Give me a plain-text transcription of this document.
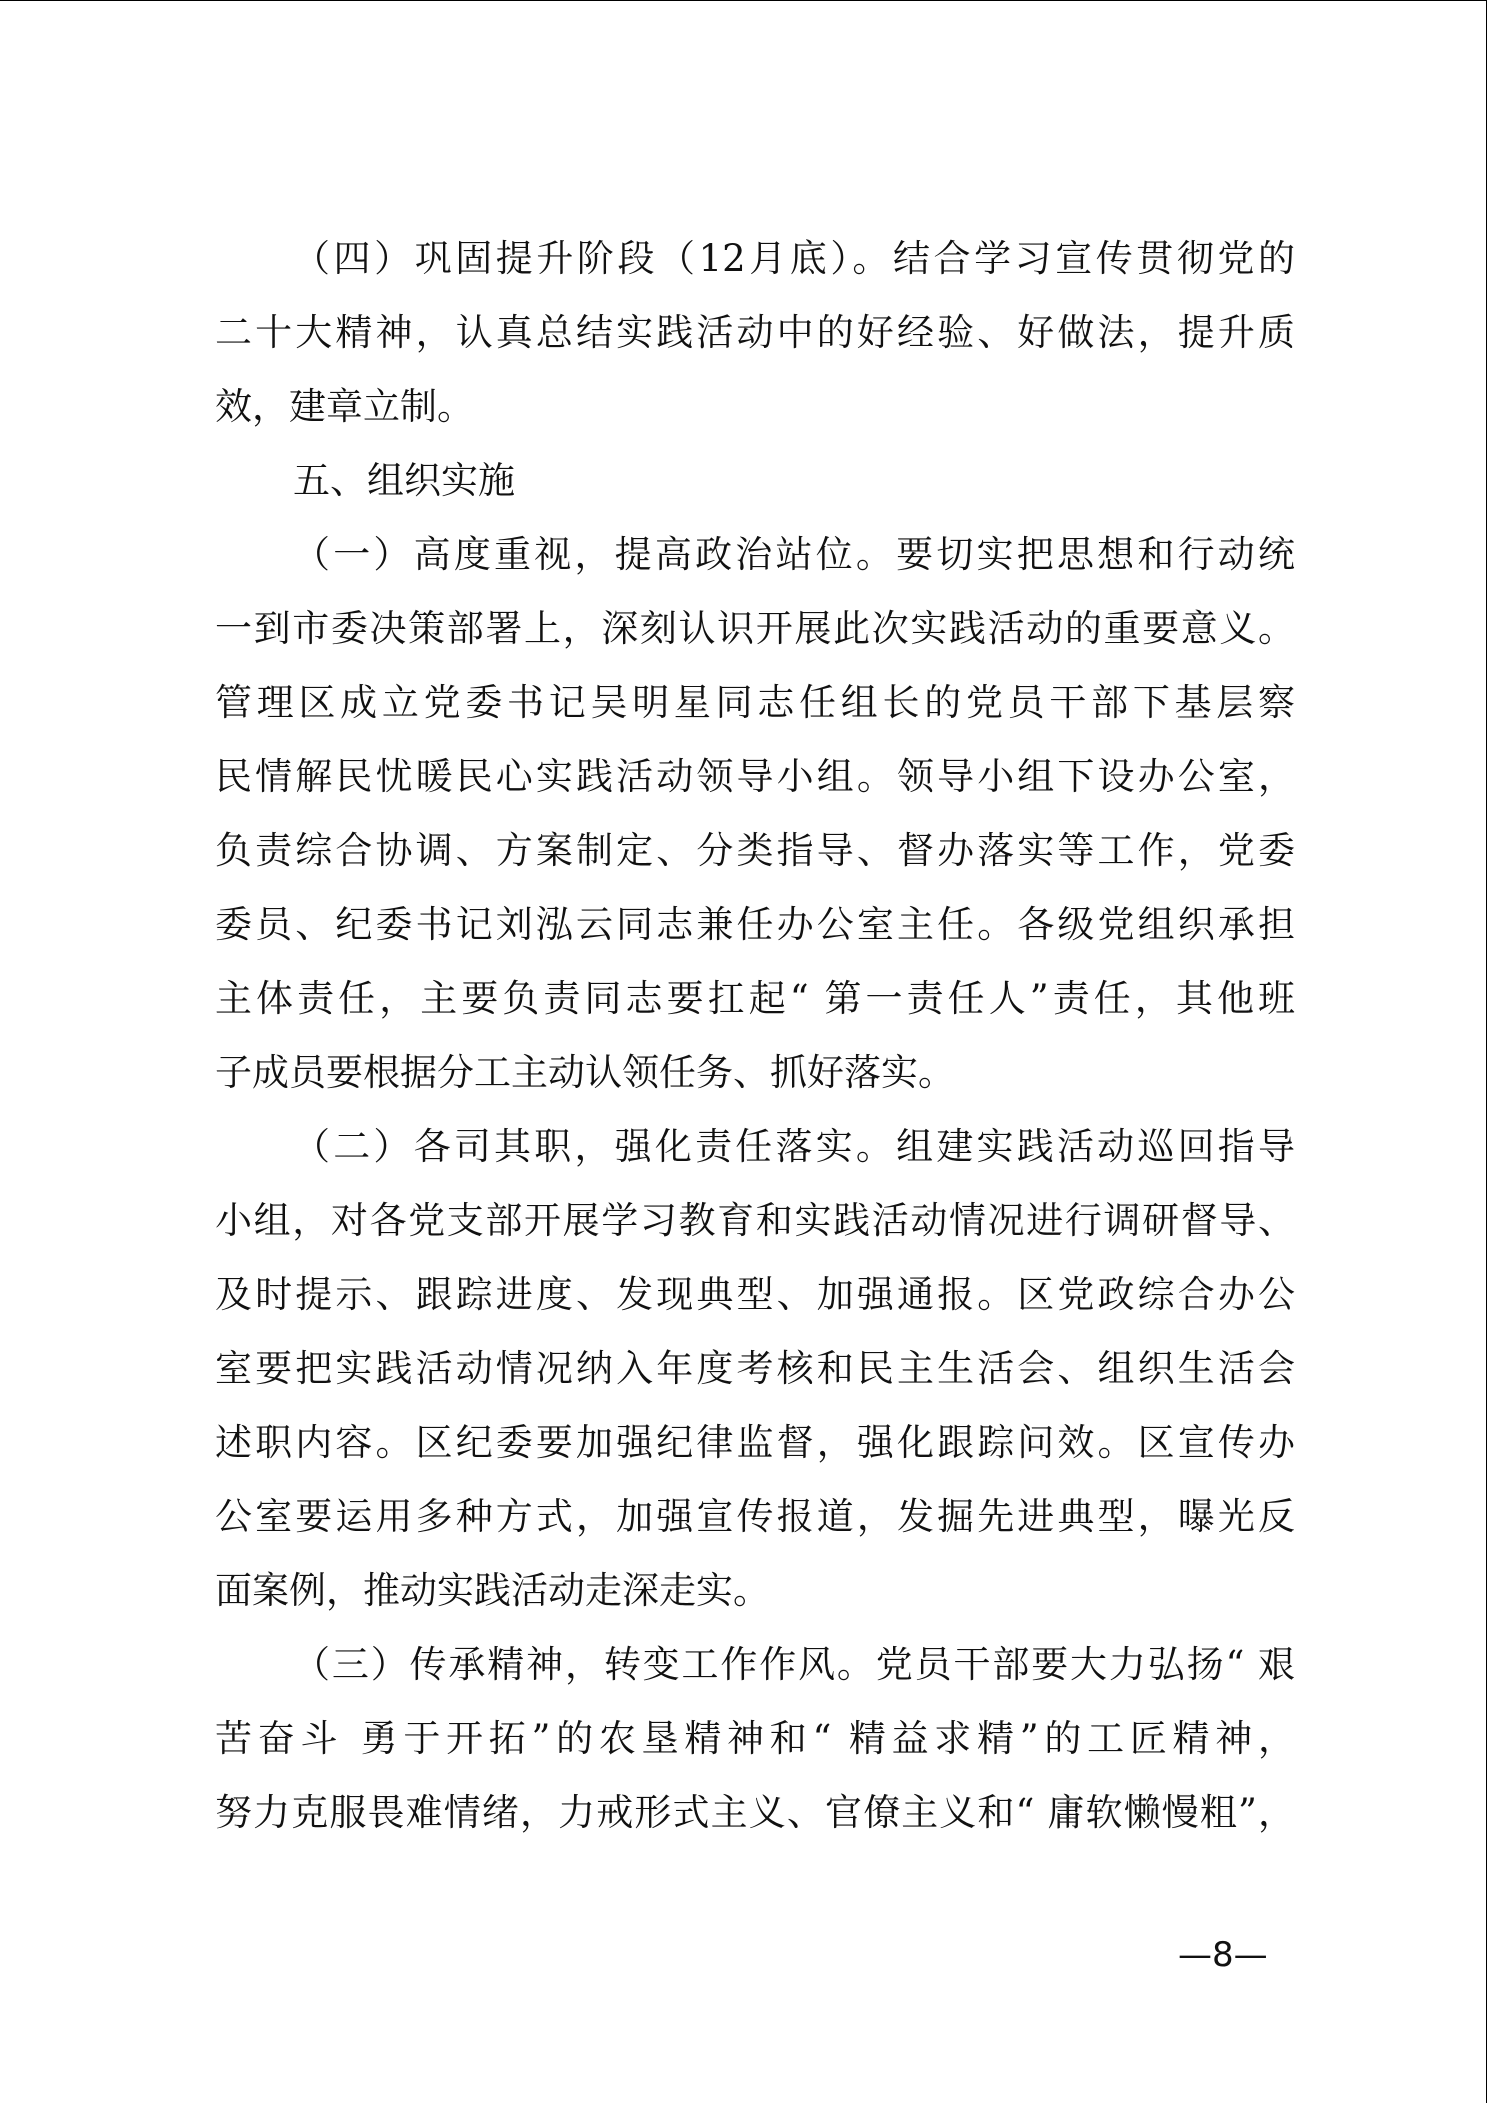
（四）巩固提升阶段（12月底）。结合学习宣传贯彻党的
二十大精神，认真总结实践活动中的好经验、好做法，提升质
效，建章立制。
五、组织实施
（一）高度重视，提高政治站位。要切实把思想和行动统
一到市委决策部署上，深刻认识开展此次实践活动的重要意义。
管理区成立党委书记吴明星同志任组长的党员干部下基层察
民情解民忧暖民心实践活动领导小组。领导小组下设办公室，
负责综合协调、方案制定、分类指导、督办落实等工作，党委
委员、纪委书记刘泓云同志兼任办公室主任。各级党组织承担
主体责任，主要负责同志要扛起“ 第一责任人”责任，其他班
子成员要根据分工主动认领任务、抓好落实。
（二）各司其职，强化责任落实。组建实践活动巡回指导
小组，对各党支部开展学习教育和实践活动情况进行调研督导、
及时提示、跟踪进度、发现典型、加强通报。区党政综合办公
室要把实践活动情况纳入年度考核和民主生活会、组织生活会
述职内容。区纪委要加强纪律监督，强化跟踪问效。区宣传办
公室要运用多种方式，加强宣传报道，发掘先进典型，曝光反
面案例，推动实践活动走深走实。
（三）传承精神，转变工作作风。党员干部要大力弘扬“ 艰
苦奋斗 勇于开拓”的农垦精神和“ 精益求精”的工匠精神，
努力克服畏难情绪，力戒形式主义、官僚主义和“ 庸软懒慢粗”，
—8—
